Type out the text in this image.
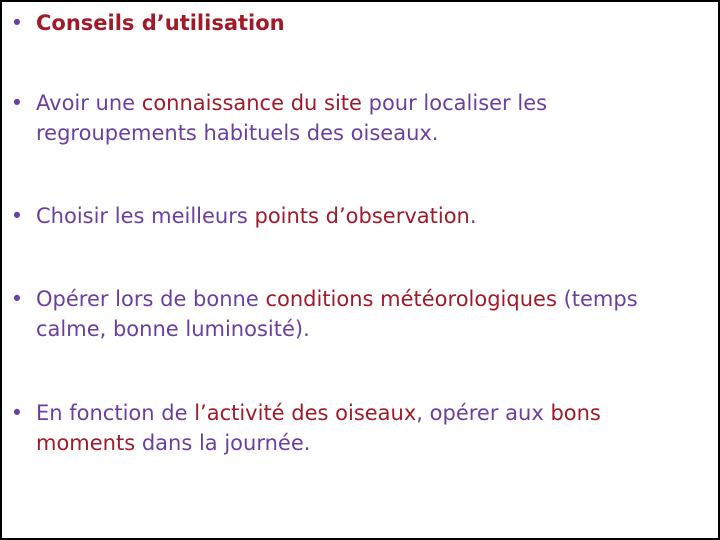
• Conseils d’utilisation
• Avoir une connaissance du site pour localiser les regroupements habituels des oiseaux.
• Choisir les meilleurs points d’observation.
• Opérer lors de bonne conditions météorologiques (temps calme, bonne luminosité).
• En fonction de l’activité des oiseaux, opérer aux bons moments dans la journée.
